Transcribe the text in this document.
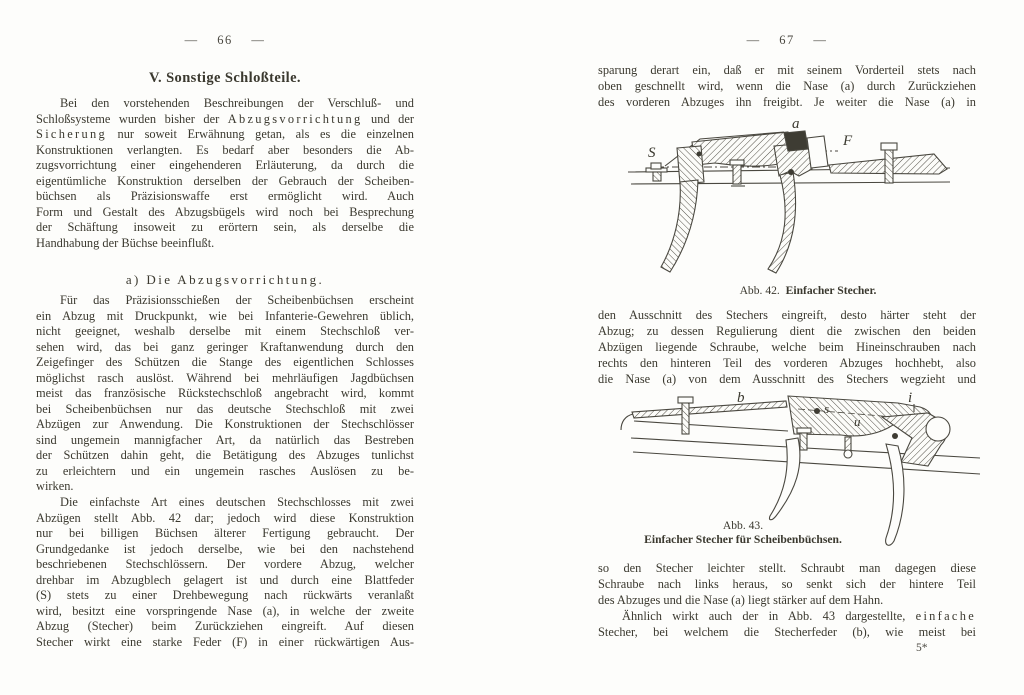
— 66 —
V. Sonstige Schloßteile.
Bei den vorstehenden Beschreibungen der Verschluß- und
Schloßsysteme wurden bisher der Abzugsvorrichtung und der
Sicherung nur soweit Erwähnung getan, als es die einzelnen
Konstruktionen verlangten. Es bedarf aber besonders die Ab-
zugsvorrichtung einer eingehenderen Erläuterung, da durch die
eigentümliche Konstruktion derselben der Gebrauch der Scheiben-
büchsen als Präzisionswaffe erst ermöglicht wird. Auch
Form und Gestalt des Abzugsbügels wird noch bei Besprechung
der Schäftung insoweit zu erörtern sein, als derselbe die
Handhabung der Büchse beeinflußt.
a) Die Abzugsvorrichtung.
Für das Präzisionsschießen der Scheibenbüchsen erscheint
ein Abzug mit Druckpunkt, wie bei Infanterie-Gewehren üblich,
nicht geeignet, weshalb derselbe mit einem Stechschloß ver-
sehen wird, das bei ganz geringer Kraftanwendung durch den
Zeigefinger des Schützen die Stange des eigentlichen Schlosses
möglichst rasch auslöst. Während bei mehrläufigen Jagdbüchsen
meist das französische Rückstechschloß angebracht wird, kommt
bei Scheibenbüchsen nur das deutsche Stechschloß mit zwei
Abzügen zur Anwendung. Die Konstruktionen der Stechschlösser
sind ungemein mannigfacher Art, da natürlich das Bestreben
der Schützen dahin geht, die Betätigung des Abzuges tunlichst
zu erleichtern und ein ungemein rasches Auslösen zu be-
wirken.
Die einfachste Art eines deutschen Stechschlosses mit zwei
Abzügen stellt Abb. 42 dar; jedoch wird diese Konstruktion
nur bei billigen Büchsen älterer Fertigung gebraucht. Der
Grundgedanke ist jedoch derselbe, wie bei den nachstehend
beschriebenen Stechschlössern. Der vordere Abzug, welcher
drehbar im Abzugblech gelagert ist und durch eine Blattfeder
(S) stets zu einer Drehbewegung nach rückwärts veranlaßt
wird, besitzt eine vorspringende Nase (a), in welche der zweite
Abzug (Stecher) beim Zurückziehen eingreift. Auf diesen
Stecher wirkt eine starke Feder (F) in einer rückwärtigen Aus-
— 67 —
sparung derart ein, daß er mit seinem Vorderteil stets nach
oben geschnellt wird, wenn die Nase (a) durch Zurückziehen
des vorderen Abzuges ihn freigibt. Je weiter die Nase (a) in
S
a
F
Abb. 42. Einfacher Stecher.
den Ausschnitt des Stechers eingreift, desto härter steht der
Abzug; zu dessen Regulierung dient die zwischen den beiden
Abzügen liegende Schraube, welche beim Hineinschrauben nach
rechts den hinteren Teil des vorderen Abzuges hochhebt, also
die Nase (a) von dem Ausschnitt des Stechers wegzieht und
b
s
u
i
Abb. 43.
Einfacher Stecher für Scheibenbüchsen.
so den Stecher leichter stellt. Schraubt man dagegen diese
Schraube nach links heraus, so senkt sich der hintere Teil
des Abzuges und die Nase (a) liegt stärker auf dem Hahn.
Ähnlich wirkt auch der in Abb. 43 dargestellte, einfache
Stecher, bei welchem die Stecherfeder (b), wie meist bei
5*
